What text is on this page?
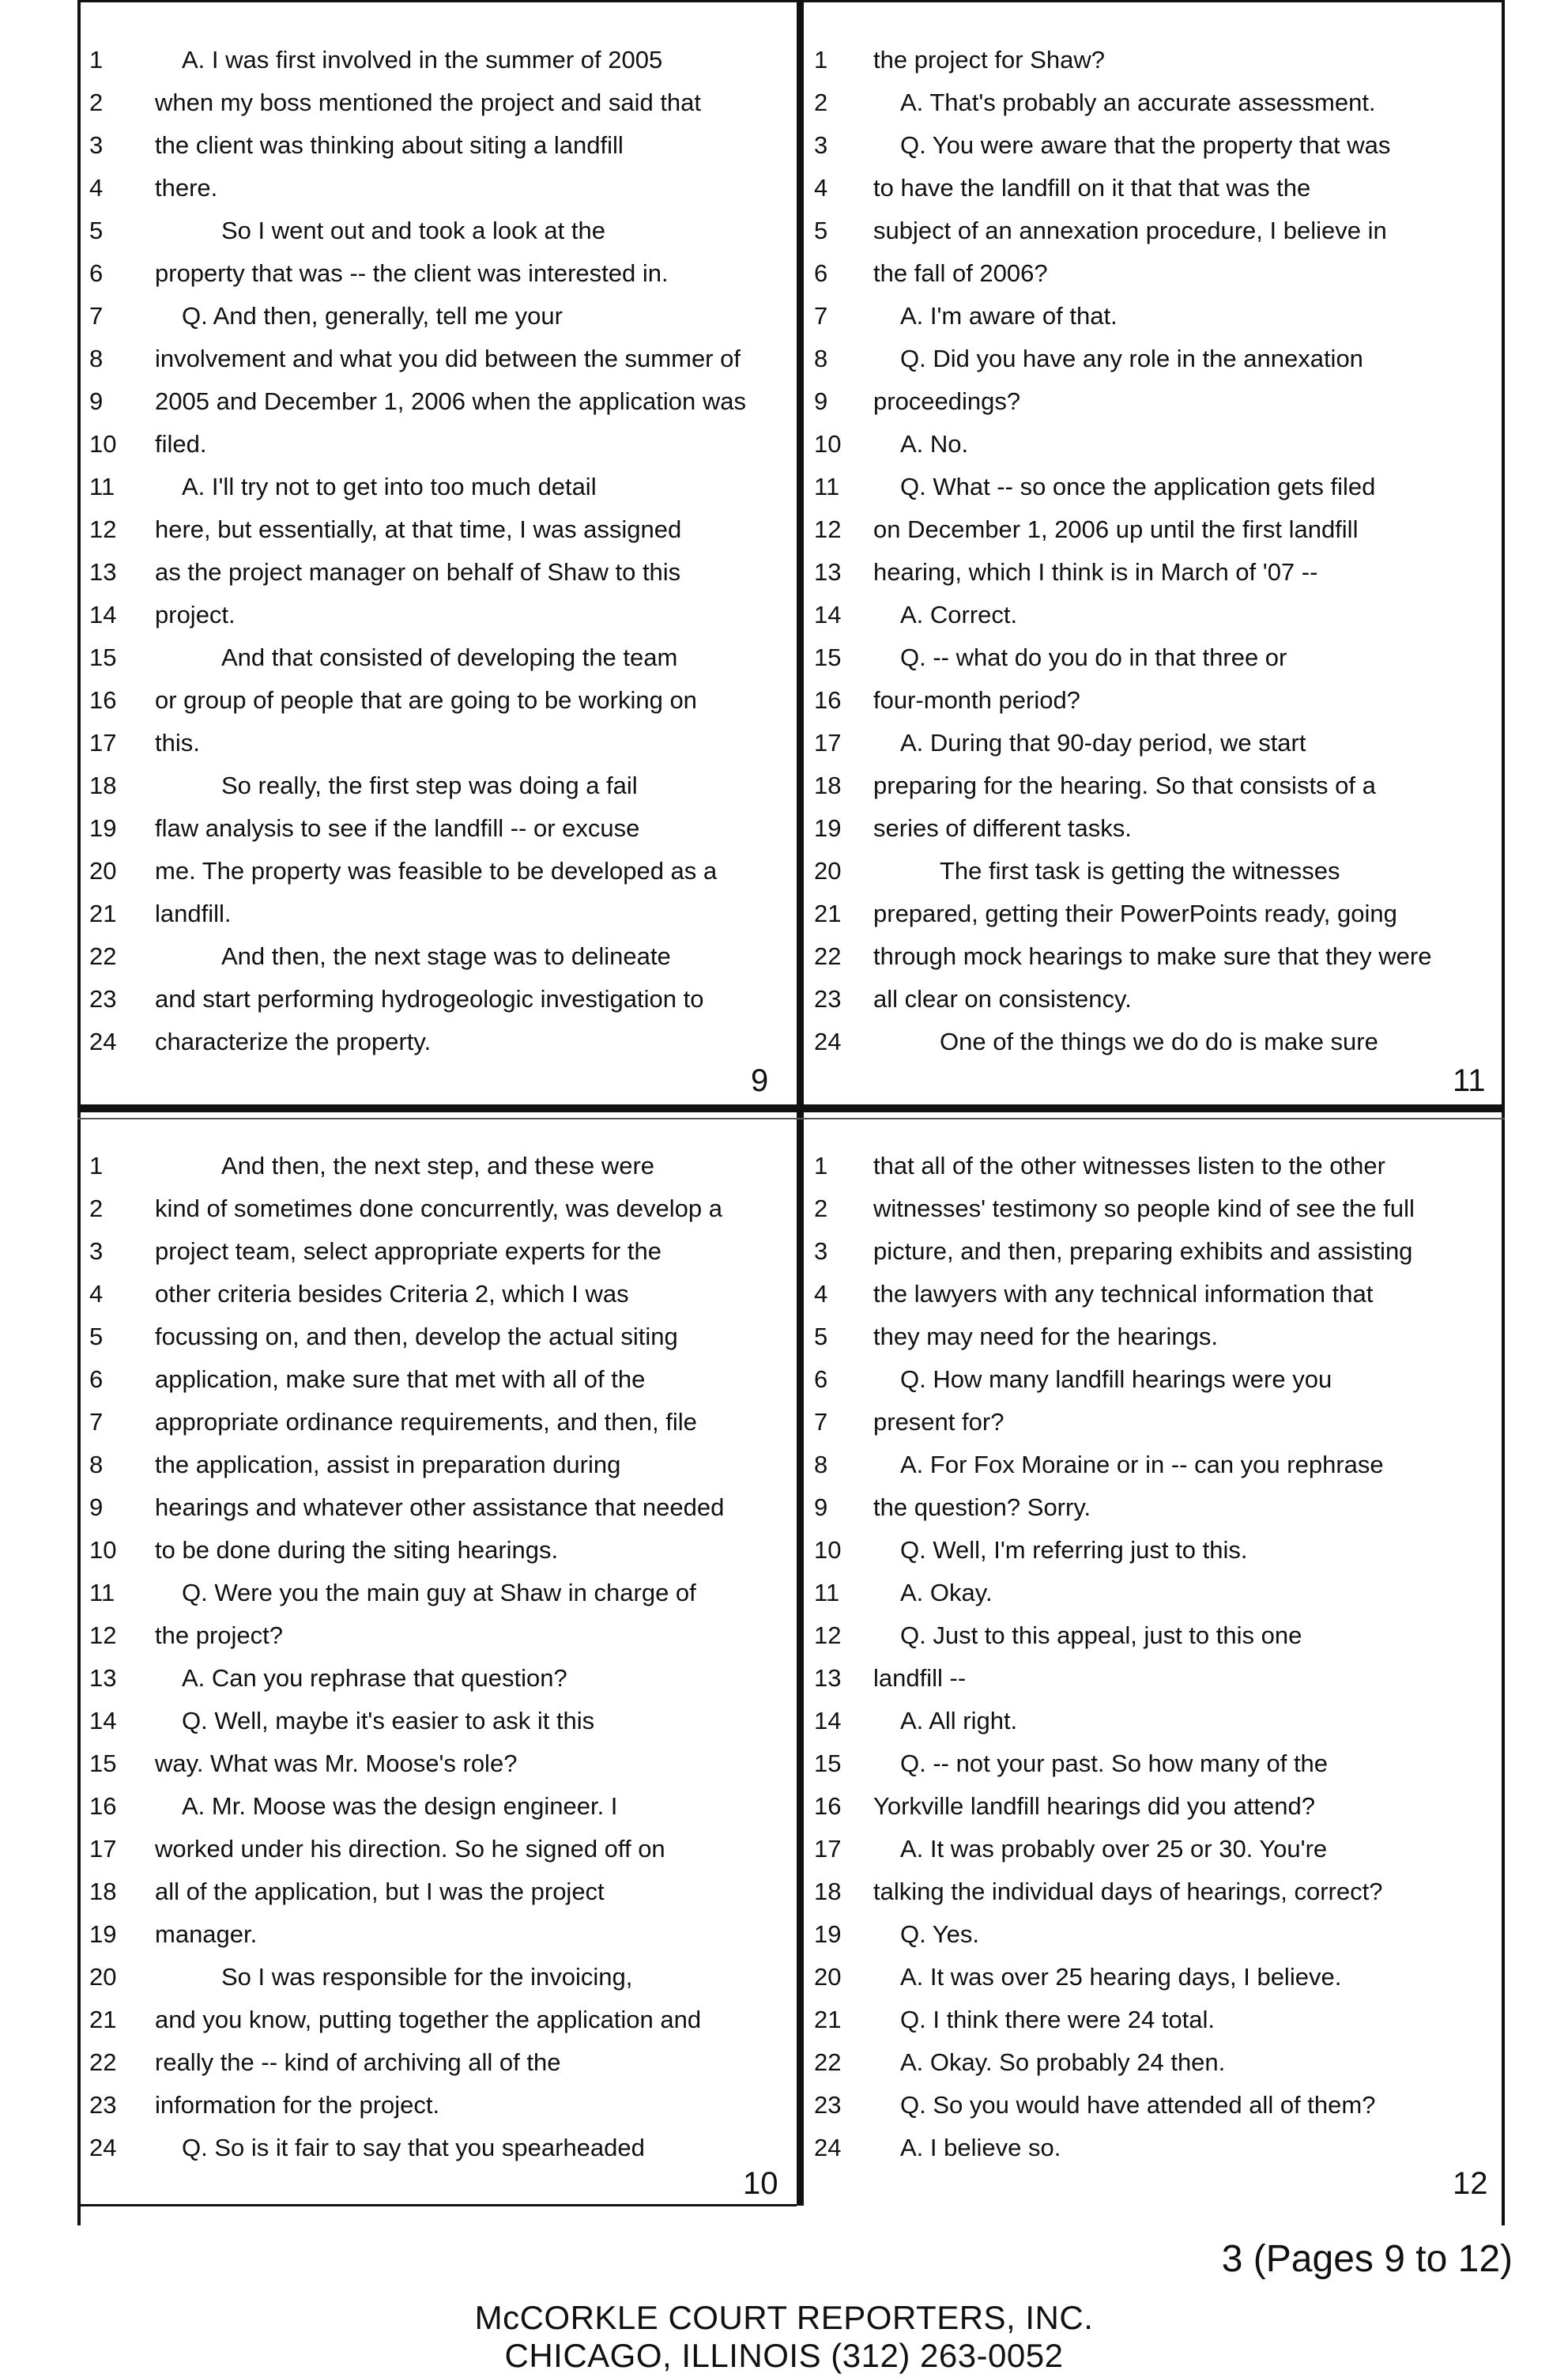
1	A. I was first involved in the summer of 2005
2	when my boss mentioned the project and said that
3	the client was thinking about siting a landfill
4	there.
5	So I went out and took a look at the
6	property that was -- the client was interested in.
7	Q. And then, generally, tell me your
8	involvement and what you did between the summer of
9	2005 and December 1, 2006 when the application was
10	filed.
11	A. I'll try not to get into too much detail
12	here, but essentially, at that time, I was assigned
13	as the project manager on behalf of Shaw to this
14	project.
15	And that consisted of developing the team
16	or group of people that are going to be working on
17	this.
18	So really, the first step was doing a fail
19	flaw analysis to see if the landfill -- or excuse
20	me. The property was feasible to be developed as a
21	landfill.
22	And then, the next stage was to delineate
23	and start performing hydrogeologic investigation to
24	characterize the property.
9
1	the project for Shaw?
2	A. That's probably an accurate assessment.
3	Q. You were aware that the property that was
4	to have the landfill on it that that was the
5	subject of an annexation procedure, I believe in
6	the fall of 2006?
7	A. I'm aware of that.
8	Q. Did you have any role in the annexation
9	proceedings?
10	A. No.
11	Q. What -- so once the application gets filed
12	on December 1, 2006 up until the first landfill
13	hearing, which I think is in March of '07 --
14	A. Correct.
15	Q. -- what do you do in that three or
16	four-month period?
17	A. During that 90-day period, we start
18	preparing for the hearing. So that consists of a
19	series of different tasks.
20	The first task is getting the witnesses
21	prepared, getting their PowerPoints ready, going
22	through mock hearings to make sure that they were
23	all clear on consistency.
24	One of the things we do do is make sure
11
1	And then, the next step, and these were
2	kind of sometimes done concurrently, was develop a
3	project team, select appropriate experts for the
4	other criteria besides Criteria 2, which I was
5	focussing on, and then, develop the actual siting
6	application, make sure that met with all of the
7	appropriate ordinance requirements, and then, file
8	the application, assist in preparation during
9	hearings and whatever other assistance that needed
10	to be done during the siting hearings.
11	Q. Were you the main guy at Shaw in charge of
12	the project?
13	A. Can you rephrase that question?
14	Q. Well, maybe it's easier to ask it this
15	way. What was Mr. Moose's role?
16	A. Mr. Moose was the design engineer. I
17	worked under his direction. So he signed off on
18	all of the application, but I was the project
19	manager.
20	So I was responsible for the invoicing,
21	and you know, putting together the application and
22	really the -- kind of archiving all of the
23	information for the project.
24	Q. So is it fair to say that you spearheaded
10
1	that all of the other witnesses listen to the other
2	witnesses' testimony so people kind of see the full
3	picture, and then, preparing exhibits and assisting
4	the lawyers with any technical information that
5	they may need for the hearings.
6	Q. How many landfill hearings were you
7	present for?
8	A. For Fox Moraine or in -- can you rephrase
9	the question? Sorry.
10	Q. Well, I'm referring just to this.
11	A. Okay.
12	Q. Just to this appeal, just to this one
13	landfill --
14	A. All right.
15	Q. -- not your past. So how many of the
16	Yorkville landfill hearings did you attend?
17	A. It was probably over 25 or 30. You're
18	talking the individual days of hearings, correct?
19	Q. Yes.
20	A. It was over 25 hearing days, I believe.
21	Q. I think there were 24 total.
22	A. Okay. So probably 24 then.
23	Q. So you would have attended all of them?
24	A. I believe so.
12
3 (Pages 9 to 12)
McCORKLE COURT REPORTERS, INC.
CHICAGO, ILLINOIS (312) 263-0052
